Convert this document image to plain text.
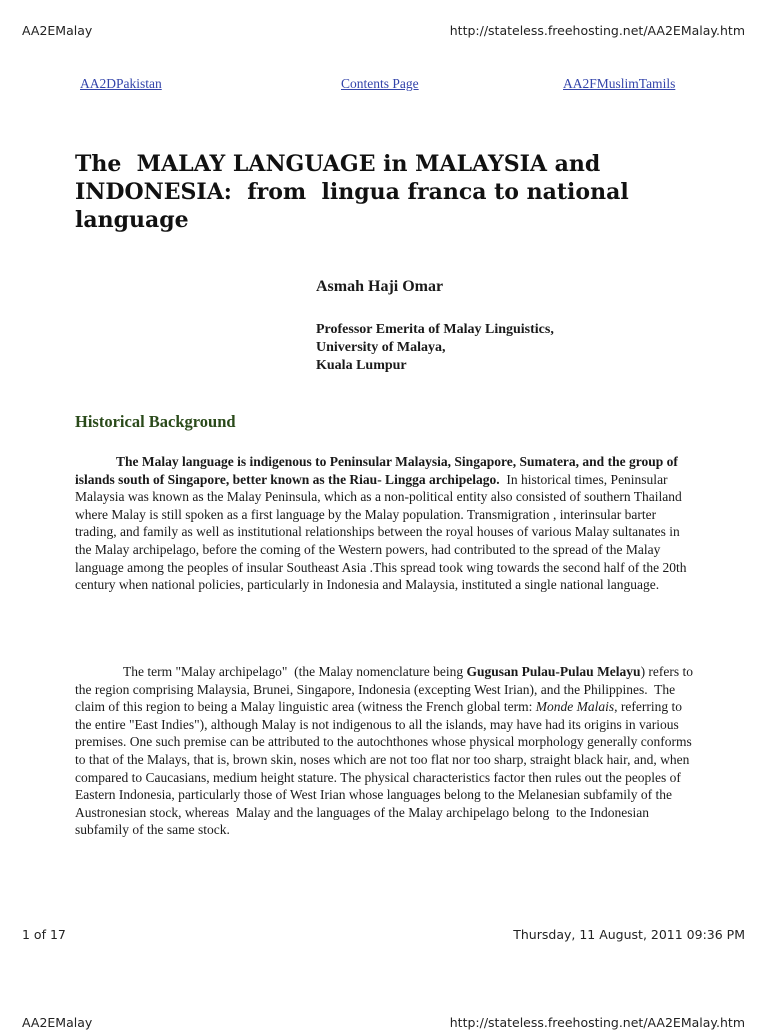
AA2EMalay	http://stateless.freehosting.net/AA2EMalay.htm
AA2DPakistan	Contents Page	AA2FMuslimTamils
The  MALAY LANGUAGE in MALAYSIA and INDONESIA:  from  lingua franca to national language

Asmah Haji Omar

Professor Emerita of Malay Linguistics,
University of Malaya,
Kuala Lumpur

Historical Background

The Malay language is indigenous to Peninsular Malaysia, Singapore, Sumatera, and the group of islands south of Singapore, better known as the Riau- Lingga archipelago.  In historical times, Peninsular Malaysia was known as the Malay Peninsula, which as a non-political entity also consisted of southern Thailand where Malay is still spoken as a first language by the Malay population. Transmigration , interinsular barter trading, and family as well as institutional relationships between the royal houses of various Malay sultanates in the Malay archipelago, before the coming of the Western powers, had contributed to the spread of the Malay language among the peoples of insular Southeast Asia .This spread took wing towards the second half of the 20th century when national policies, particularly in Indonesia and Malaysia, instituted a single national language.

The term "Malay archipelago"  (the Malay nomenclature being Gugusan Pulau-Pulau Melayu) refers to the region comprising Malaysia, Brunei, Singapore, Indonesia (excepting West Irian), and the Philippines.  The claim of this region to being a Malay linguistic area (witness the French global term: Monde Malais, referring to the entire "East Indies"), although Malay is not indigenous to all the islands, may have had its origins in various premises. One such premise can be attributed to the autochthones whose physical morphology generally conforms to that of the Malays, that is, brown skin, noses which are not too flat nor too sharp, straight black hair, and, when compared to Caucasians, medium height stature. The physical characteristics factor then rules out the peoples of Eastern Indonesia, particularly those of West Irian whose languages belong to the Melanesian subfamily of the Austronesian stock, whereas  Malay and the languages of the Malay archipelago belong  to the Indonesian subfamily of the same stock.

1 of 17	Thursday, 11 August, 2011 09:36 PM
AA2EMalay	http://stateless.freehosting.net/AA2EMalay.htm
